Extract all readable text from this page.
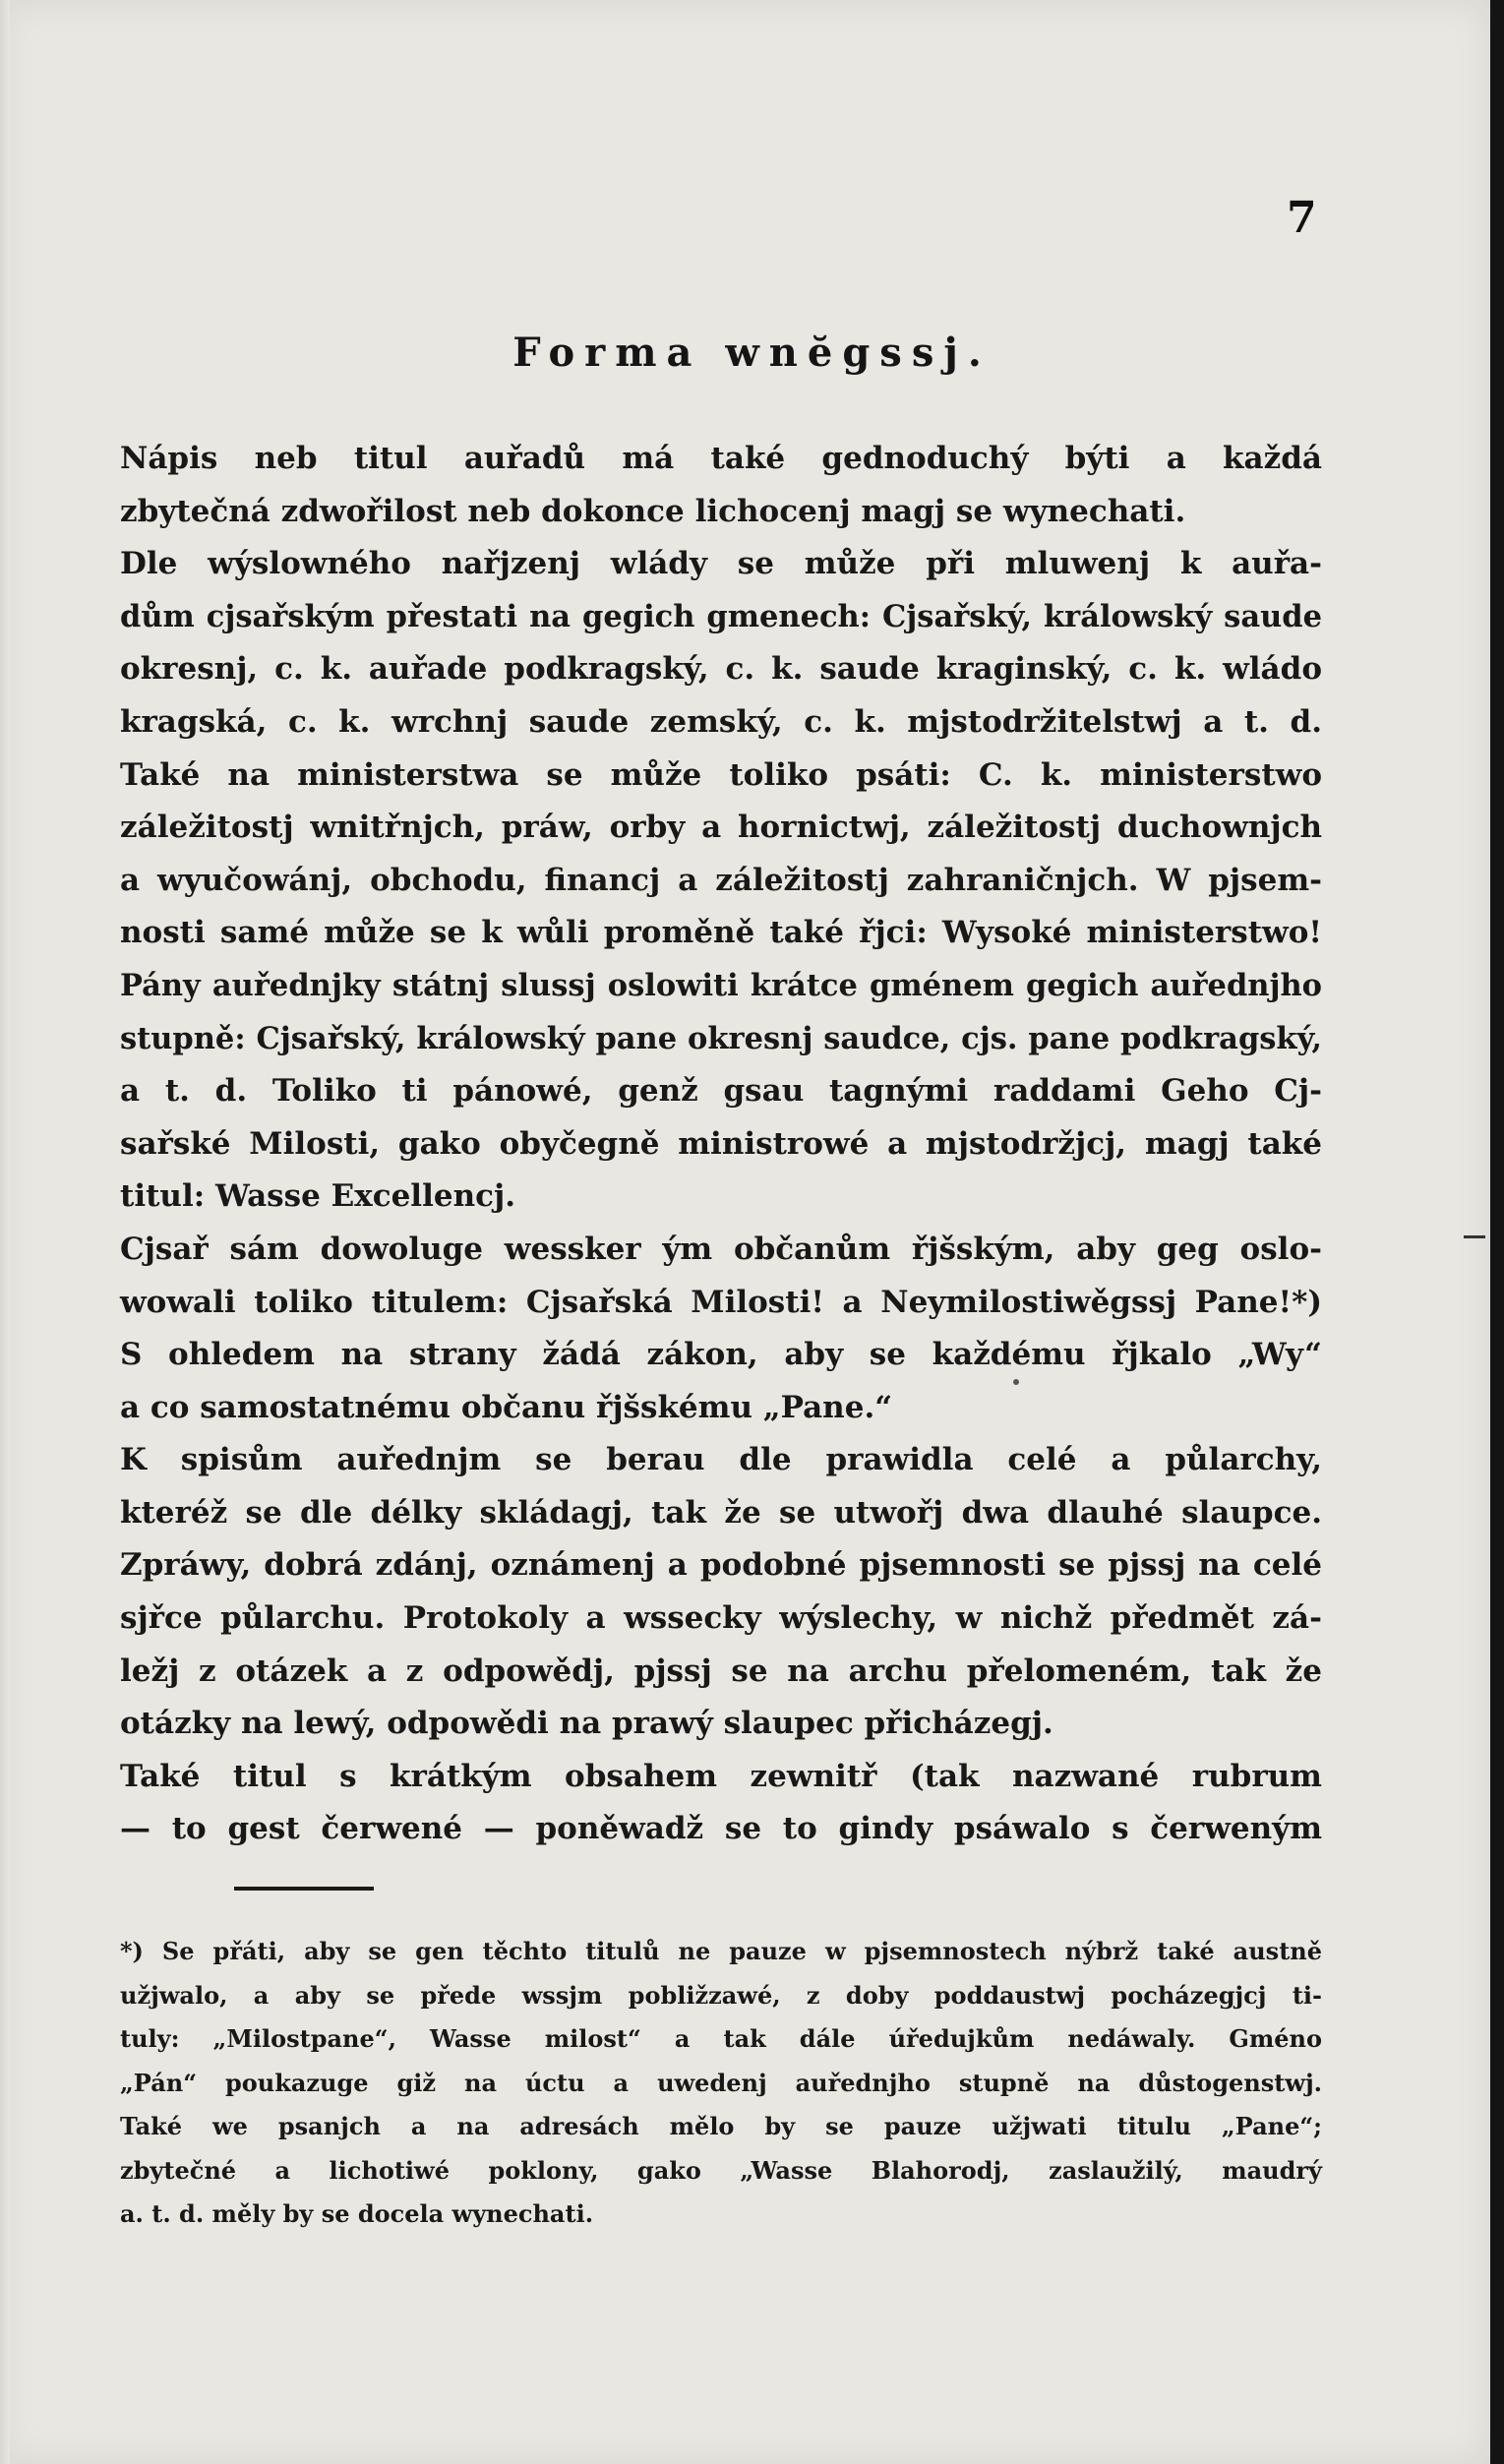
7
Forma wnĕgssj.
Nápis neb titul auřadů má také gednoduchý býti a každá
zbytečná zdwořilost neb dokonce lichocenj magj se wynechati.
Dle wýslowného nařjzenj wlády se může při mluwenj k auřa-
dům cjsařským přestati na gegich gmenech: Cjsařský, králowský saude
okresnj, c. k. auřade podkragský, c. k. saude kraginský, c. k. wládo
kragská, c. k. wrchnj saude zemský, c. k. mjstodržitelstwj a t. d.
Také na ministerstwa se může toliko psáti: C. k. ministerstwo
záležitostj wnitřnjch, práw, orby a hornictwj, záležitostj duchownjch
a wyučowánj, obchodu, financj a záležitostj zahraničnjch. W pjsem-
nosti samé může se k wůli proměně také řjci: Wysoké ministerstwo!
Pány auřednjky státnj slussj oslowiti krátce gménem gegich auřednjho
stupně: Cjsařský, králowský pane okresnj saudce, cjs. pane podkragský,
a t. d. Toliko ti pánowé, genž gsau tagnými raddami Geho Cj-
sařské Milosti, gako obyčegně ministrowé a mjstodržjcj, magj také
titul: Wasse Excellencj.
Cjsař sám dowoluge wessker ým občanům řjšským, aby geg oslo-
wowali toliko titulem: Cjsařská Milosti! a Neymilostiwěgssj Pane!*)
S ohledem na strany žádá zákon, aby se každému řjkalo „Wy“
a co samostatnému občanu řjšskému „Pane.“
K spisům auřednjm se berau dle prawidla celé a půlarchy,
kteréž se dle délky skládagj, tak že se utwořj dwa dlauhé slaupce.
Zpráwy, dobrá zdánj, oznámenj a podobné pjsemnosti se pjssj na celé
sjřce půlarchu. Protokoly a wssecky wýslechy, w nichž předmět zá-
ležj z otázek a z odpowědj, pjssj se na archu přelomeném, tak že
otázky na lewý, odpowědi na prawý slaupec přicházegj.
Také titul s krátkým obsahem zewnitř (tak nazwané rubrum
— to gest čerwené — poněwadž se to gindy psáwalo s čerweným
*) Se přáti, aby se gen těchto titulů ne pauze w pjsemnostech nýbrž také austně
užjwalo, a aby se přede wssjm pobližzawé, z doby poddaustwj pocházegjcj ti-
tuly: „Milostpane“, Wasse milost“ a tak dále úředujkům nedáwaly. Gméno
„Pán“ poukazuge giž na úctu a uwedenj auřednjho stupně na důstogenstwj.
Také we psanjch a na adresách mělo by se pauze užjwati titulu „Pane“;
zbytečné a lichotiwé poklony, gako „Wasse Blahorodj, zaslaužilý, maudrý
a. t. d. měly by se docela wynechati.
